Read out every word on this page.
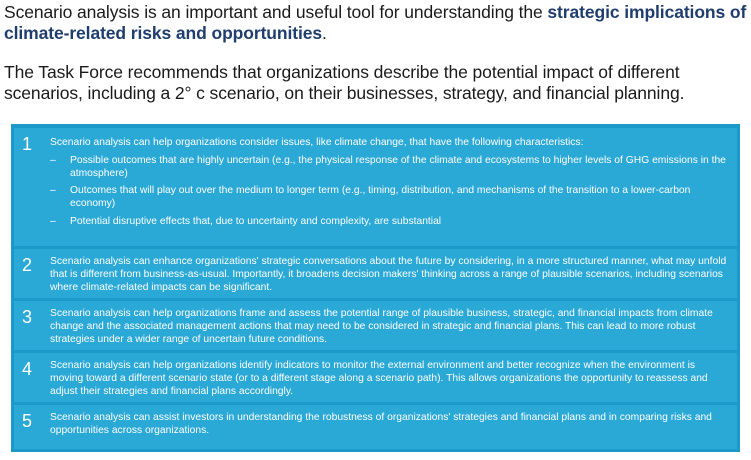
Scenario analysis is an important and useful tool for understanding the strategic implications of climate-related risks and opportunities.
The Task Force recommends that organizations describe the potential impact of different scenarios, including a 2° c scenario, on their businesses, strategy, and financial planning.
1 Scenario analysis can help organizations consider issues, like climate change, that have the following characteristics:
– Possible outcomes that are highly uncertain (e.g., the physical response of the climate and ecosystems to higher levels of GHG emissions in the atmosphere)
– Outcomes that will play out over the medium to longer term (e.g., timing, distribution, and mechanisms of the transition to a lower-carbon economy)
– Potential disruptive effects that, due to uncertainty and complexity, are substantial
2 Scenario analysis can enhance organizations' strategic conversations about the future by considering, in a more structured manner, what may unfold that is different from business-as-usual. Importantly, it broadens decision makers' thinking across a range of plausible scenarios, including scenarios where climate-related impacts can be significant.
3 Scenario analysis can help organizations frame and assess the potential range of plausible business, strategic, and financial impacts from climate change and the associated management actions that may need to be considered in strategic and financial plans. This can lead to more robust strategies under a wider range of uncertain future conditions.
4 Scenario analysis can help organizations identify indicators to monitor the external environment and better recognize when the environment is moving toward a different scenario state (or to a different stage along a scenario path). This allows organizations the opportunity to reassess and adjust their strategies and financial plans accordingly.
5 Scenario analysis can assist investors in understanding the robustness of organizations' strategies and financial plans and in comparing risks and opportunities across organizations.
